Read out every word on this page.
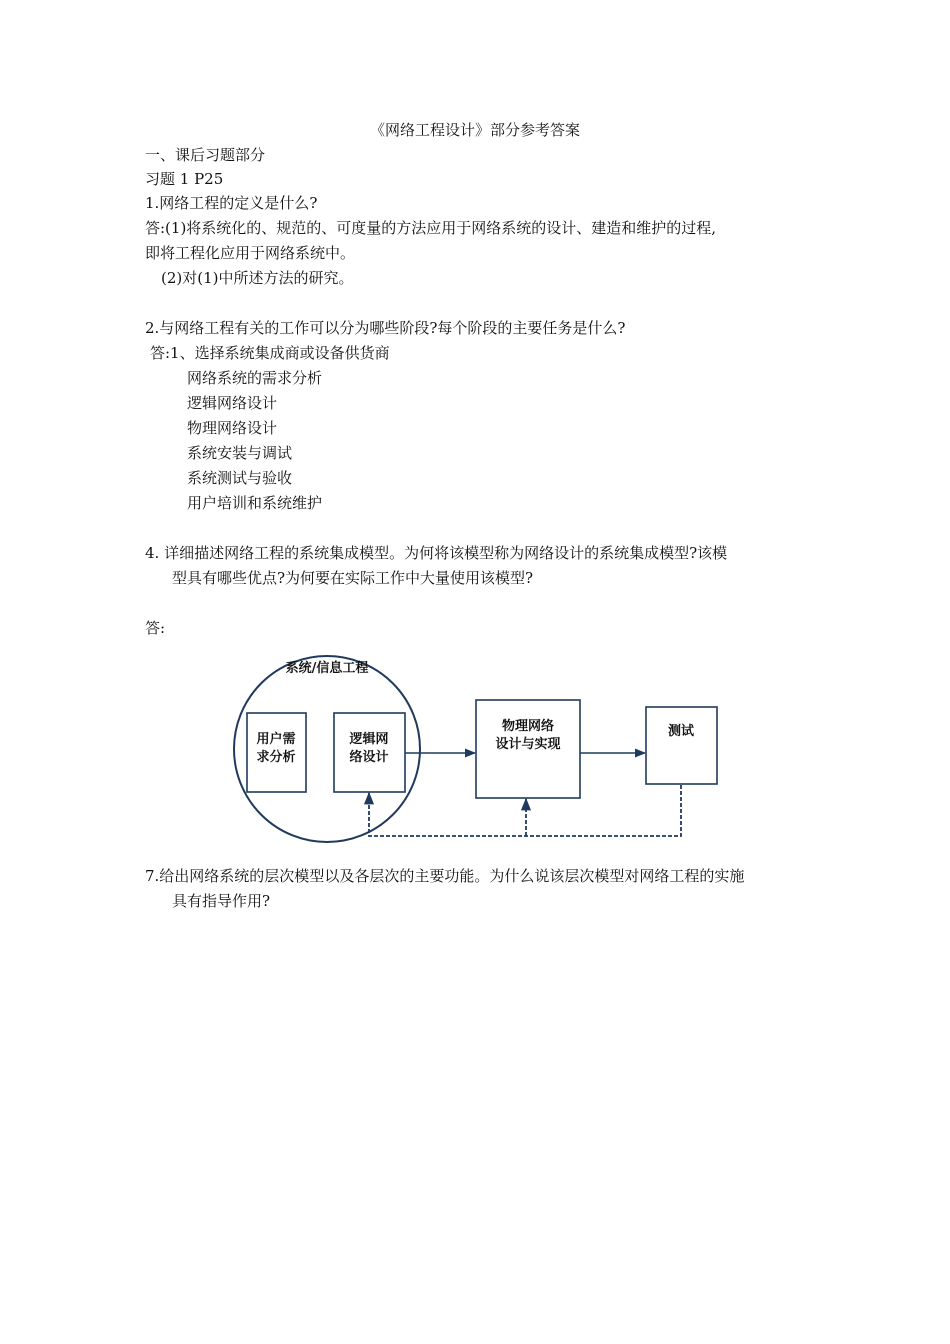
《网络工程设计》部分参考答案
一、课后习题部分
习题 1 P25
1.网络工程的定义是什么?
答:(1)将系统化的、规范的、可度量的方法应用于网络系统的设计、建造和维护的过程,
即将工程化应用于网络系统中。
(2)对(1)中所述方法的研究。
2.与网络工程有关的工作可以分为哪些阶段?每个阶段的主要任务是什么?
答:1、选择系统集成商或设备供货商
网络系统的需求分析
逻辑网络设计
物理网络设计
系统安装与调试
系统测试与验收
用户培训和系统维护
4. 详细描述网络工程的系统集成模型。为何将该模型称为网络设计的系统集成模型?该模
型具有哪些优点?为何要在实际工作中大量使用该模型?
答:
系统/信息工程
用户需
求分析
逻辑网
络设计
物理网络
设计与实现
测试
7.给出网络系统的层次模型以及各层次的主要功能。为什么说该层次模型对网络工程的实施
具有指导作用?
